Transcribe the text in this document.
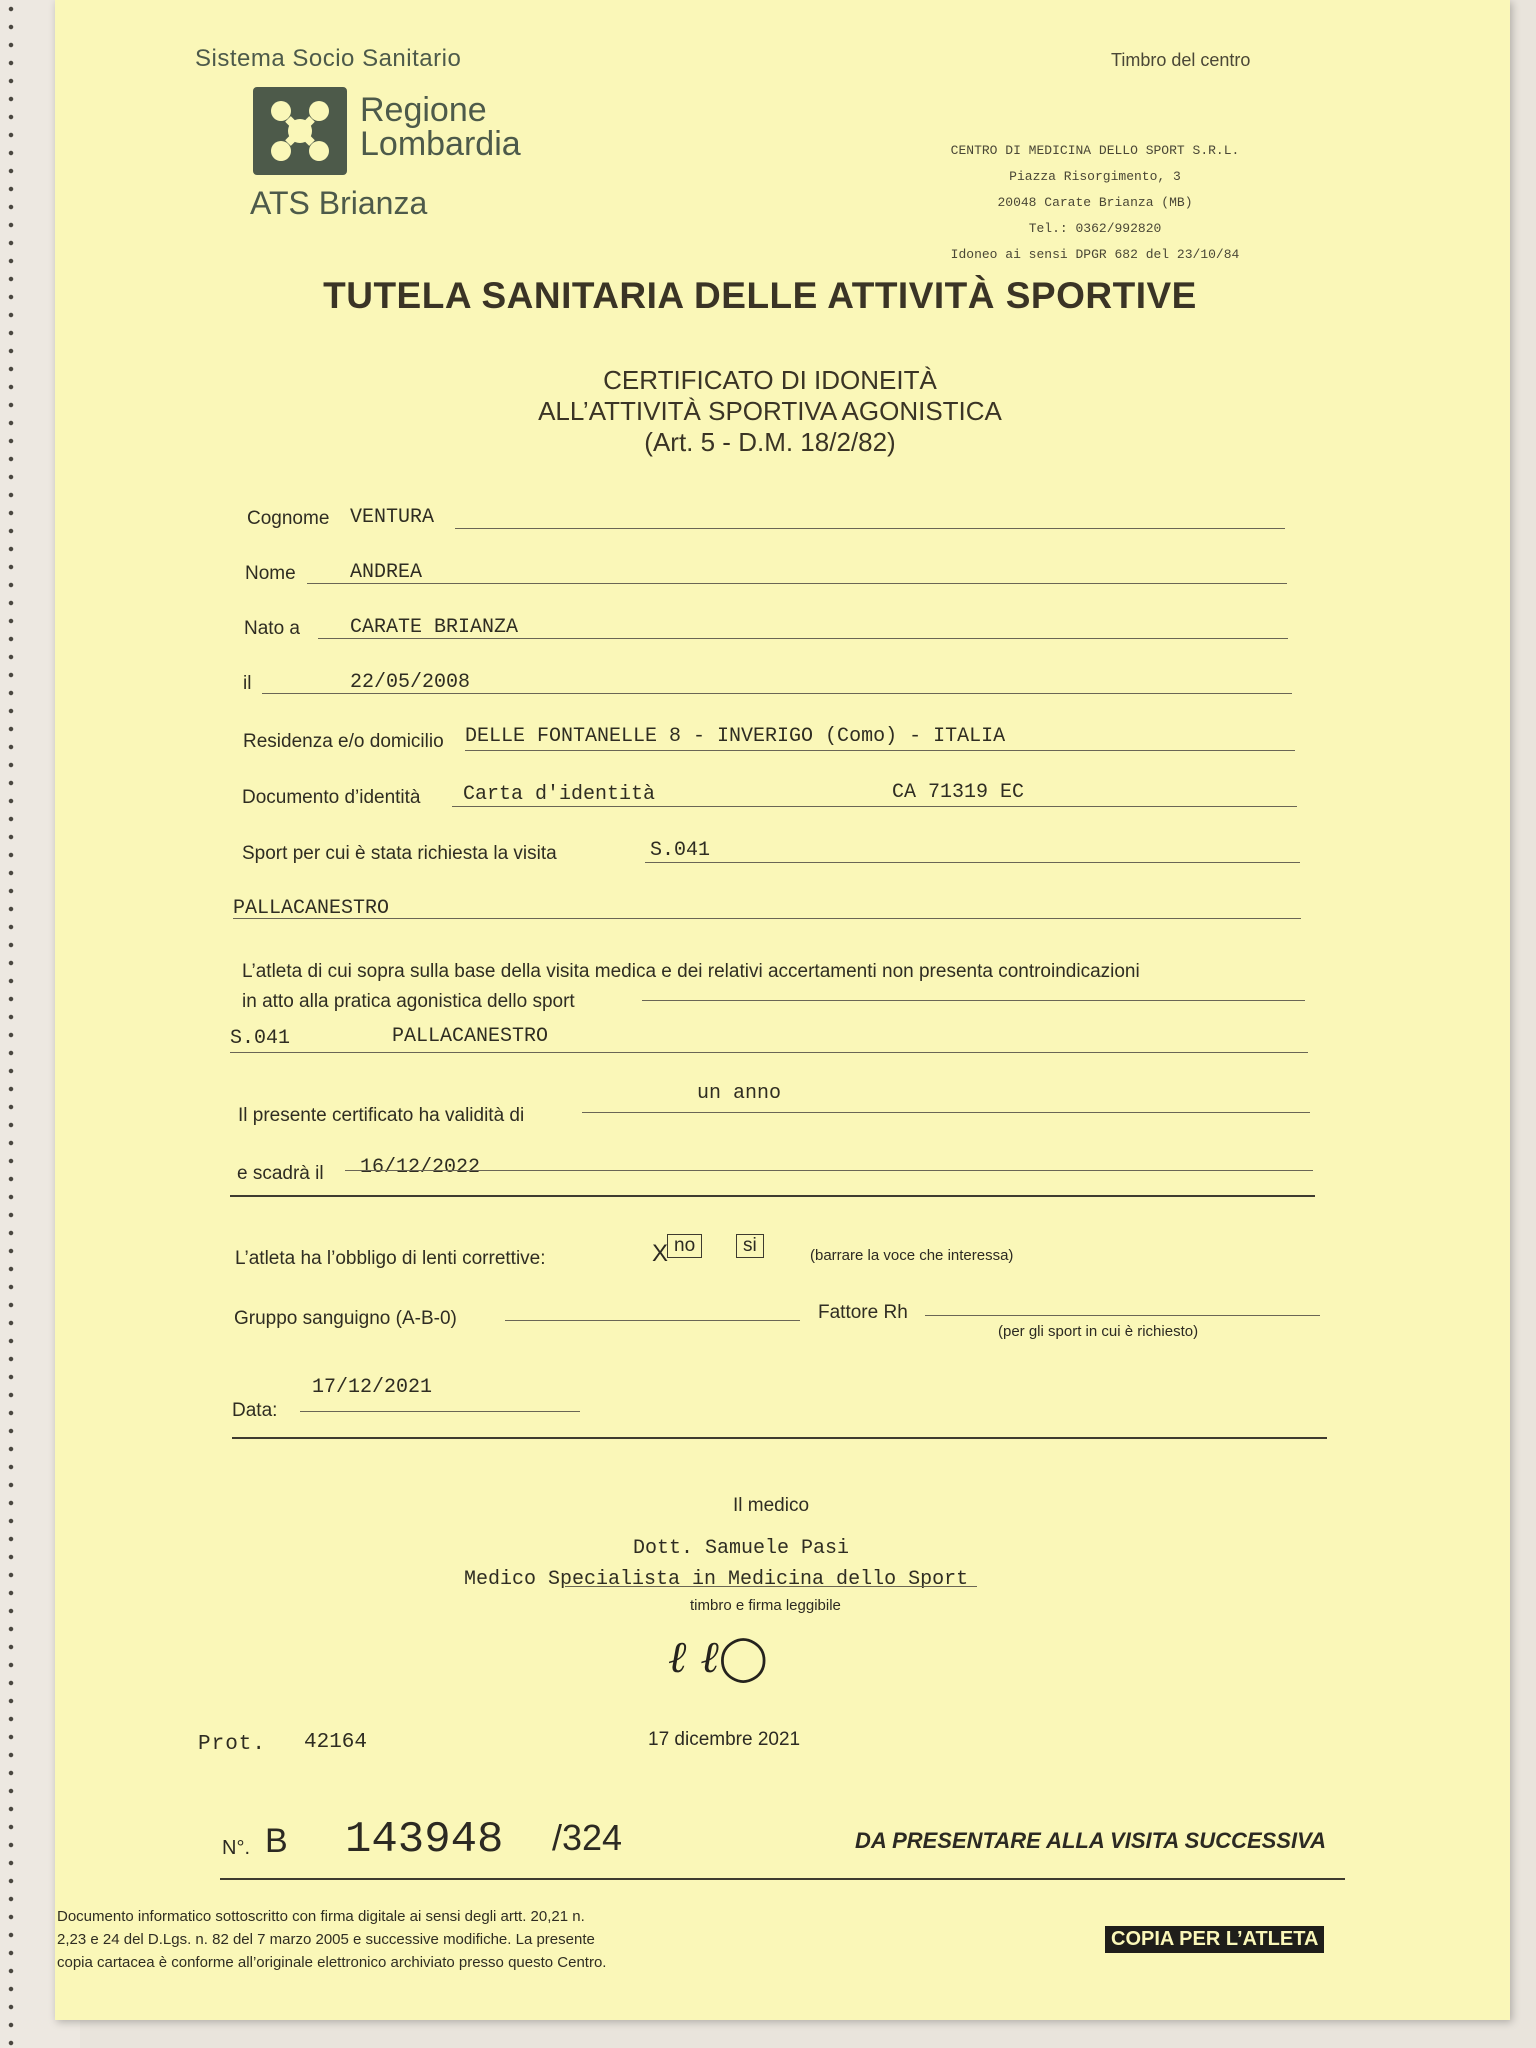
Sistema Socio Sanitario
Regione
Lombardia
ATS Brianza
Timbro del centro
CENTRO DI MEDICINA DELLO SPORT S.R.L.
Piazza Risorgimento, 3
20048 Carate Brianza (MB)
Tel.: 0362/992820
Idoneo ai sensi DPGR 682 del 23/10/84
TUTELA SANITARIA DELLE ATTIVITÀ SPORTIVE
CERTIFICATO DI IDONEITÀ
ALL’ATTIVITÀ SPORTIVA AGONISTICA
(Art. 5 - D.M. 18/2/82)
Cognome VENTURA
Nome	ANDREA
Nato a	CARATE BRIANZA
il	22/05/2008
Residenza e/o domicilio DELLE FONTANELLE 8 - INVERIGO (Como) - ITALIA
Documento d’identità Carta d'identità	CA 71319 EC
Sport per cui è stata richiesta la visita	S.041
PALLACANESTRO
L’atleta di cui sopra sulla base della visita medica e dei relativi accertamenti non presenta controindicazioni
in atto alla pratica agonistica dello sport
S.041	PALLACANESTRO
un anno
Il presente certificato ha validità di
e scadrà il 16/12/2022
L’atleta ha l’obbligo di lenti correttive:	X no	si	(barrare la voce che interessa)
Gruppo sanguigno (A-B-0)	Fattore Rh
(per gli sport in cui è richiesto)
17/12/2021
Data:
Il medico
Dott. Samuele Pasi
Medico Specialista in Medicina dello Sport
timbro e firma leggibile
ℓ ℓ◯
Prot. 42164	17 dicembre 2021
N°. B 143948 /324	DA PRESENTARE ALLA VISITA SUCCESSIVA
Documento informatico sottoscritto con firma digitale ai sensi degli artt. 20,21 n.
2,23 e 24 del D.Lgs. n. 82 del 7 marzo 2005 e successive modifiche. La presente
copia cartacea è conforme all’originale elettronico archiviato presso questo Centro.
COPIA PER L’ATLETA
